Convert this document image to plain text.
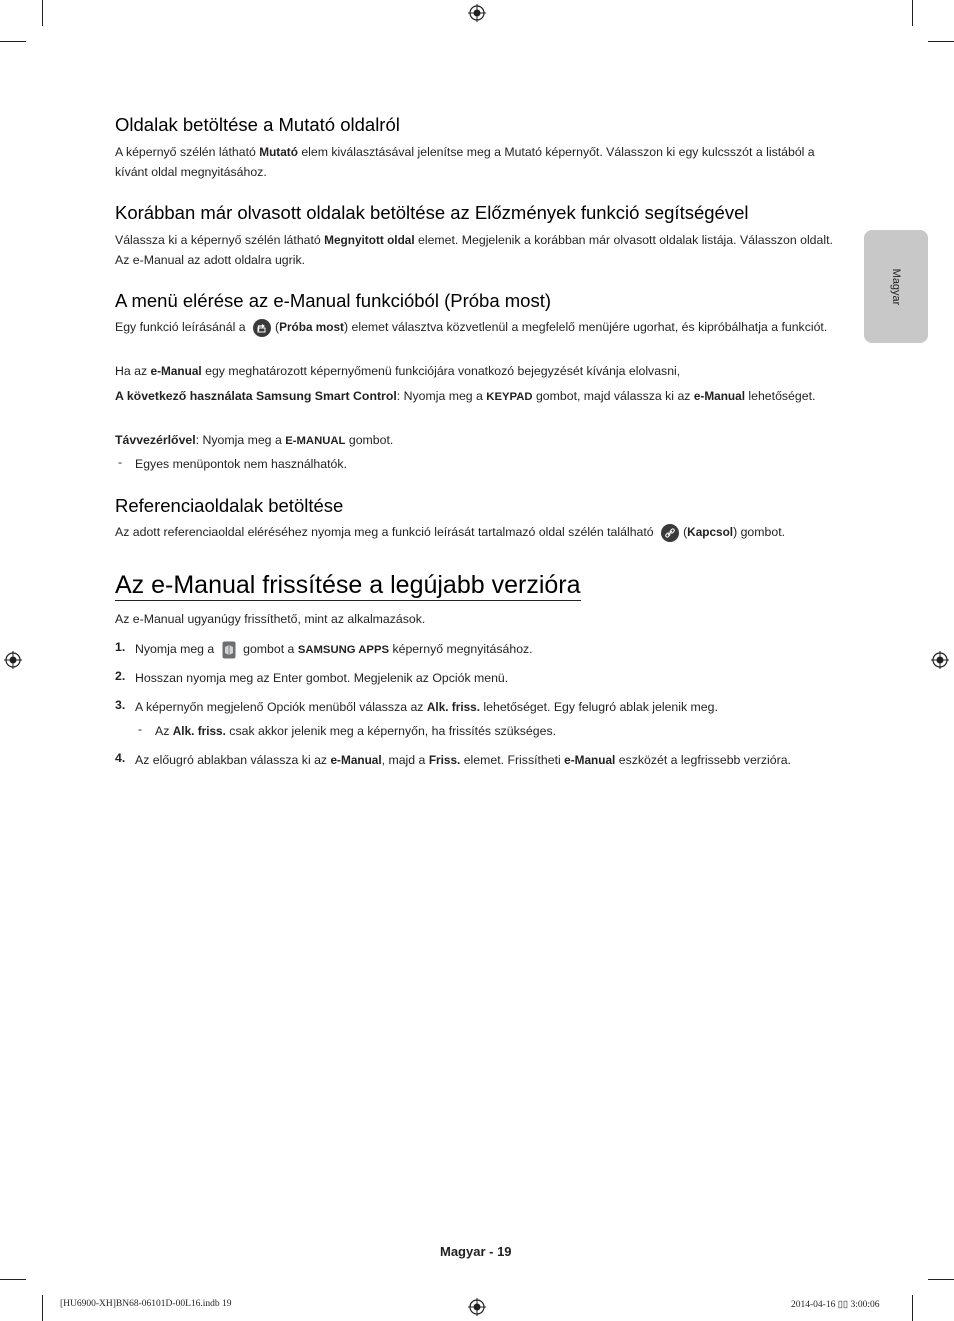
Magyar
Oldalak betöltése a Mutató oldalról
A képernyő szélén látható Mutató elem kiválasztásával jelenítse meg a Mutató képernyőt. Válasszon ki egy kulcsszót a listából a kívánt oldal megnyitásához.
Korábban már olvasott oldalak betöltése az Előzmények funkció segítségével
Válassza ki a képernyő szélén látható Megnyitott oldal elemet. Megjelenik a korábban már olvasott oldalak listája. Válasszon oldalt. Az e-Manual az adott oldalra ugrik.
A menü elérése az e-Manual funkcióból (Próba most)
Egy funkció leírásánál a (Próba most) elemet választva közvetlenül a megfelelő menüjére ugorhat, és kipróbálhatja a funkciót.
Ha az e-Manual egy meghatározott képernyőmenü funkciójára vonatkozó bejegyzését kívánja elolvasni,
A következő használata Samsung Smart Control: Nyomja meg a KEYPAD gombot, majd válassza ki az e-Manual lehetőséget.
Távvezérlővel: Nyomja meg a E-MANUAL gombot.
- Egyes menüpontok nem használhatók.
Referenciaoldalak betöltése
Az adott referenciaoldal eléréséhez nyomja meg a funkció leírását tartalmazó oldal szélén található (Kapcsol) gombot.
Az e-Manual frissítése a legújabb verzióra
Az e-Manual ugyanúgy frissíthető, mint az alkalmazások.
1. Nyomja meg a  gombot a SAMSUNG APPS képernyő megnyitásához.
2. Hosszan nyomja meg az Enter gombot. Megjelenik az Opciók menü.
3. A képernyőn megjelenő Opciók menüből válassza az Alk. friss. lehetőséget. Egy felugró ablak jelenik meg.
- Az Alk. friss. csak akkor jelenik meg a képernyőn, ha frissítés szükséges.
4. Az előugró ablakban válassza ki az e-Manual, majd a Friss. elemet. Frissítheti e-Manual eszközét a legfrissebb verzióra.
Magyar - 19
[HU6900-XH]BN68-06101D-00L16.indb 19	2014-04-16 ▯▯ 3:00:06
